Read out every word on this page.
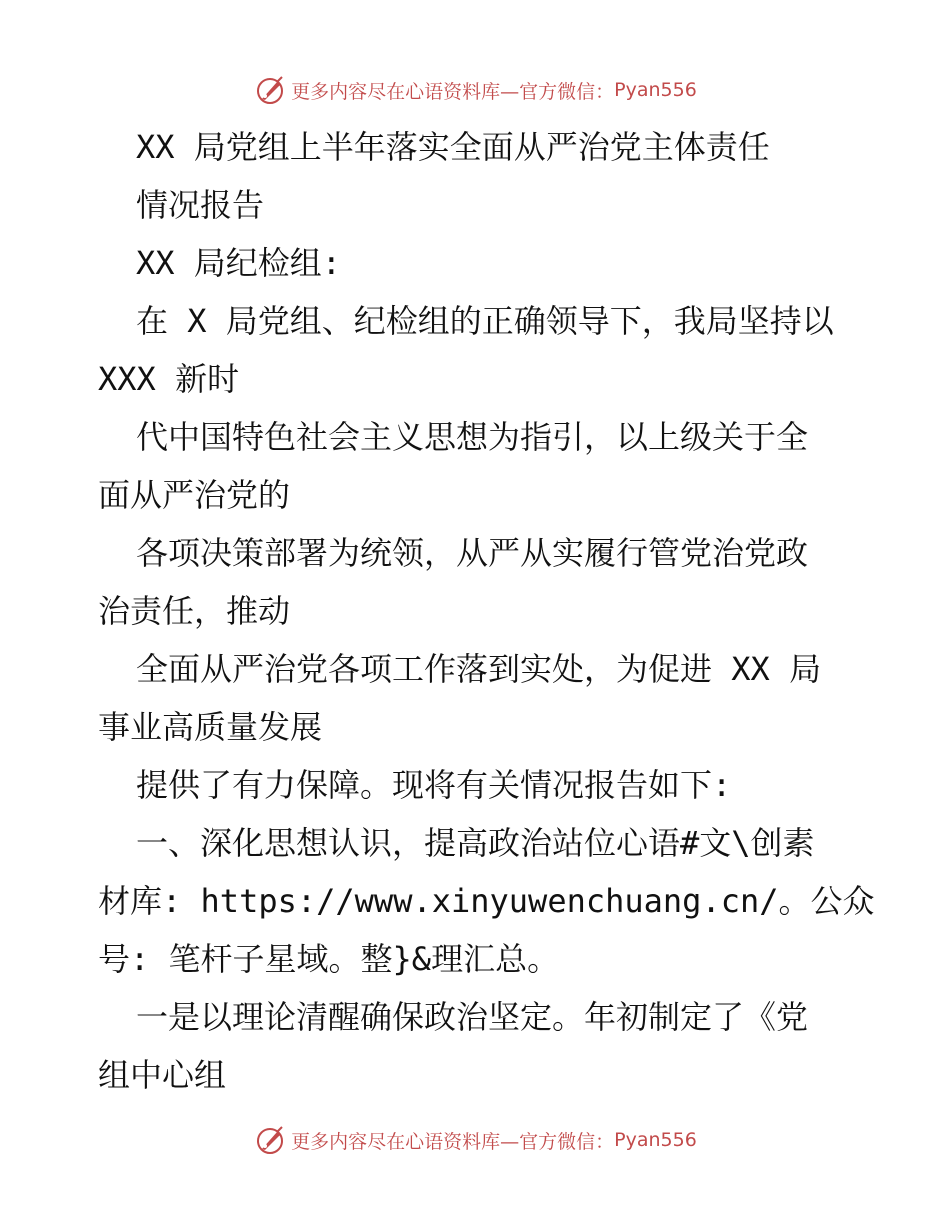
更多内容尽在心语资料库—官方微信： Pyan556
XX 局党组上半年落实全面从严治党主体责任
情况报告
XX 局纪检组:
在 X 局党组、纪检组的正确领导下，我局坚持以
XXX 新时
代中国特色社会主义思想为指引，以上级关于全
面从严治党的
各项决策部署为统领，从严从实履行管党治党政
治责任，推动
全面从严治党各项工作落到实处，为促进 XX 局
事业高质量发展
提供了有力保障。现将有关情况报告如下:
一、深化思想认识，提高政治站位心语#文\创素
材库: https://www.xinyuwenchuang.cn/。公众
号: 笔杆子星域。整}&理汇总。
一是以理论清醒确保政治坚定。年初制定了《党
组中心组
更多内容尽在心语资料库—官方微信： Pyan556
